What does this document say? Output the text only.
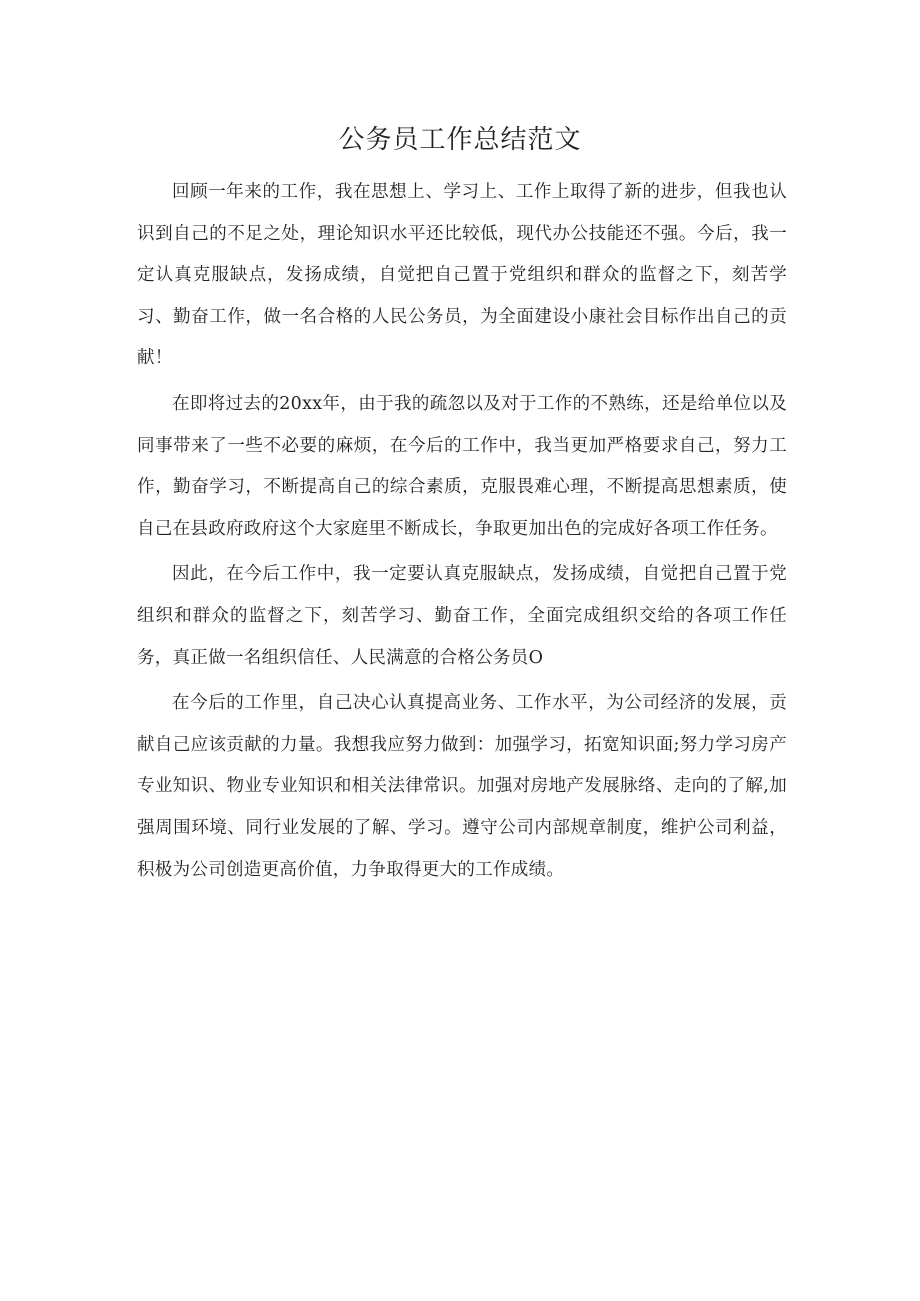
公务员工作总结范文

回顾一年来的工作，我在思想上、学习上、工作上取得了新的进步，但我也认识到自己的不足之处，理论知识水平还比较低，现代办公技能还不强。今后，我一定认真克服缺点，发扬成绩，自觉把自己置于党组织和群众的监督之下，刻苦学习、勤奋工作，做一名合格的人民公务员，为全面建设小康社会目标作出自己的贡献！

在即将过去的20xx年，由于我的疏忽以及对于工作的不熟练，还是给单位以及同事带来了一些不必要的麻烦，在今后的工作中，我当更加严格要求自己，努力工作，勤奋学习，不断提高自己的综合素质，克服畏难心理，不断提高思想素质，使自己在县政府政府这个大家庭里不断成长，争取更加出色的完成好各项工作任务。

因此，在今后工作中，我一定要认真克服缺点，发扬成绩，自觉把自己置于党组织和群众的监督之下，刻苦学习、勤奋工作，全面完成组织交给的各项工作任务，真正做一名组织信任、人民满意的合格公务员O

在今后的工作里，自己决心认真提高业务、工作水平，为公司经济的发展，贡献自己应该贡献的力量。我想我应努力做到：加强学习，拓宽知识面;努力学习房产专业知识、物业专业知识和相关法律常识。加强对房地产发展脉络、走向的了解,加强周围环境、同行业发展的了解、学习。遵守公司内部规章制度，维护公司利益，积极为公司创造更高价值，力争取得更大的工作成绩。
